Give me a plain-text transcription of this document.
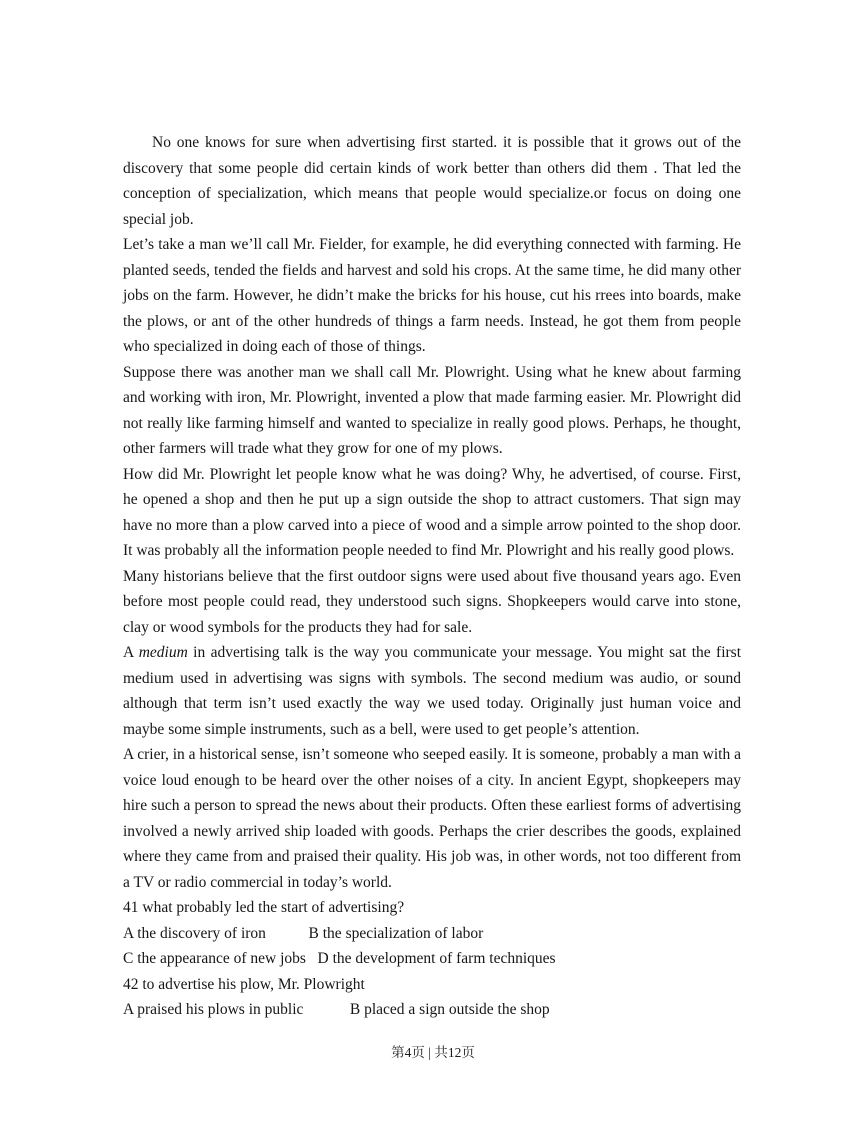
No one knows for sure when advertising first started. it is possible that it grows out of the discovery that some people did certain kinds of work better than others did them . That led the conception of specialization, which means that people would specialize.or focus on doing one special job.

Let’s take a man we’ll call Mr. Fielder, for example, he did everything connected with farming. He planted seeds, tended the fields and harvest and sold his crops. At the same time, he did many other jobs on the farm. However, he didn’t make the bricks for his house, cut his rrees into boards, make the plows, or ant of the other hundreds of things a farm needs. Instead, he got them from people who specialized in doing each of those of things.

Suppose there was another man we shall call Mr. Plowright. Using what he knew about farming and working with iron, Mr. Plowright, invented a plow that made farming easier. Mr. Plowright did not really like farming himself and wanted to specialize in really good plows. Perhaps, he thought, other farmers will trade what they grow for one of my plows.

How did Mr. Plowright let people know what he was doing? Why, he advertised, of course. First, he opened a shop and then he put up a sign outside the shop to attract customers. That sign may have no more than a plow carved into a piece of wood and a simple arrow pointed to the shop door. It was probably all the information people needed to find Mr. Plowright and his really good plows.

Many historians believe that the first outdoor signs were used about five thousand years ago. Even before most people could read, they understood such signs. Shopkeepers would carve into stone, clay or wood symbols for the products they had for sale.

A medium in advertising talk is the way you communicate your message. You might sat the first medium used in advertising was signs with symbols. The second medium was audio, or sound although that term isn’t used exactly the way we used today. Originally just human voice and maybe some simple instruments, such as a bell, were used to get people’s attention.

A crier, in a historical sense, isn’t someone who seeped easily. It is someone, probably a man with a voice loud enough to be heard over the other noises of a city. In ancient Egypt, shopkeepers may hire such a person to spread the news about their products. Often these earliest forms of advertising involved a newly arrived ship loaded with goods. Perhaps the crier describes the goods, explained where they came from and praised their quality. His job was, in other words, not too different from a TV or radio commercial in today’s world.

41 what probably led the start of advertising?

A the discovery of iron           B the specialization of labor

C the appearance of new jobs   D the development of farm techniques

42 to advertise his plow, Mr. Plowright

A praised his plows in public            B placed a sign outside the shop

第4页 | 共12页
